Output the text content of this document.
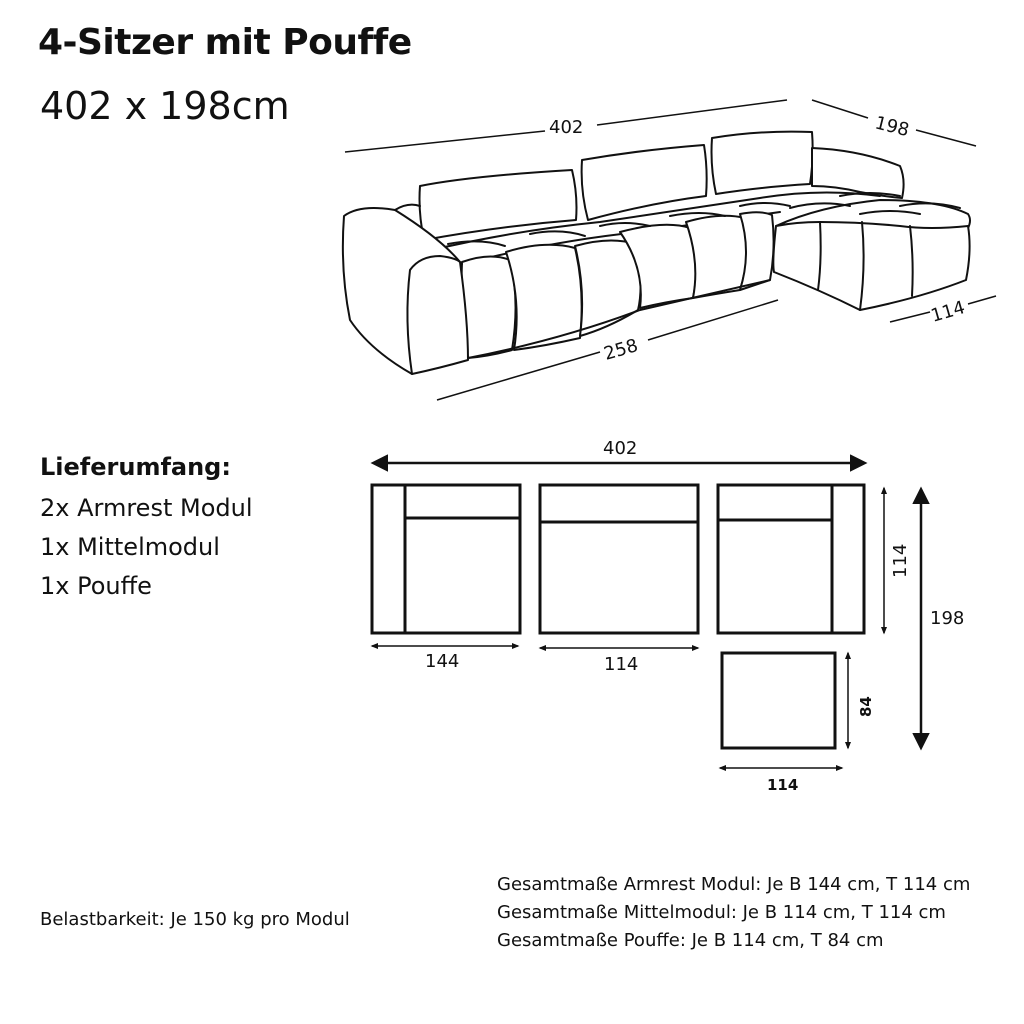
4-Sitzer mit Pouffe
402 x 198cm
Lieferumfang:
2x Armrest Modul
1x Mittelmodul
1x Pouffe
Belastbarkeit: Je 150 kg pro Modul
Gesamtmaße Armrest Modul: Je B 144 cm, T 114 cm
Gesamtmaße Mittelmodul: Je B 114 cm, T 114 cm
Gesamtmaße Pouffe: Je B 114 cm, T 84 cm
402	198
258
114
402
144	114
114
198
84
114
